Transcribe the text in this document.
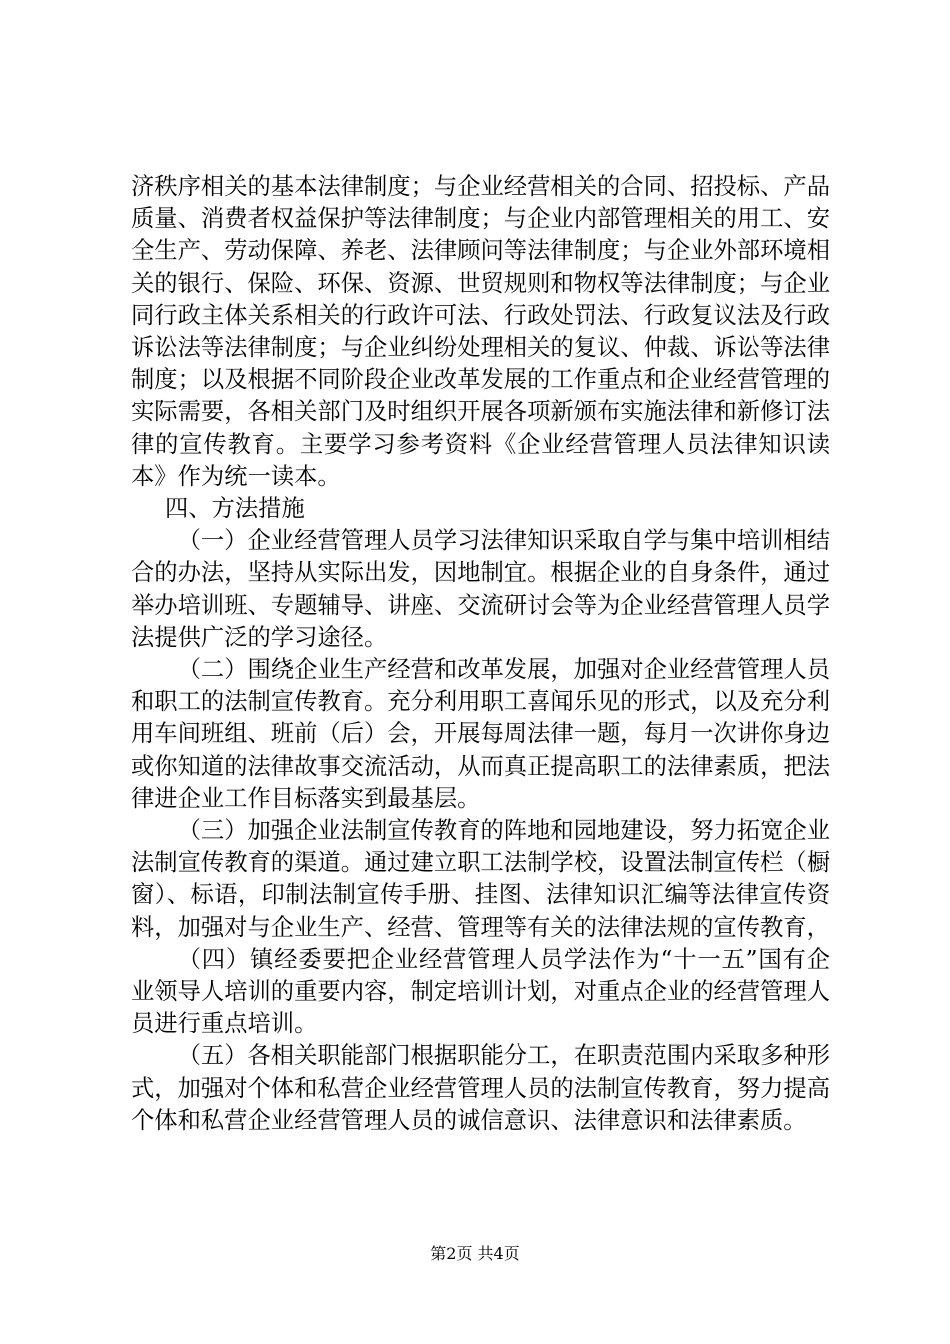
济秩序相关的基本法律制度；与企业经营相关的合同、招投标、产品质量、消费者权益保护等法律制度；与企业内部管理相关的用工、安全生产、劳动保障、养老、法律顾问等法律制度；与企业外部环境相关的银行、保险、环保、资源、世贸规则和物权等法律制度；与企业同行政主体关系相关的行政许可法、行政处罚法、行政复议法及行政诉讼法等法律制度；与企业纠纷处理相关的复议、仲裁、诉讼等法律制度；以及根据不同阶段企业改革发展的工作重点和企业经营管理的实际需要，各相关部门及时组织开展各项新颁布实施法律和新修订法律的宣传教育。主要学习参考资料《企业经营管理人员法律知识读本》作为统一读本。

四、方法措施

（一）企业经营管理人员学习法律知识采取自学与集中培训相结合的办法，坚持从实际出发，因地制宜。根据企业的自身条件，通过举办培训班、专题辅导、讲座、交流研讨会等为企业经营管理人员学法提供广泛的学习途径。

（二）围绕企业生产经营和改革发展，加强对企业经营管理人员和职工的法制宣传教育。充分利用职工喜闻乐见的形式，以及充分利用车间班组、班前（后）会，开展每周法律一题，每月一次讲你身边或你知道的法律故事交流活动，从而真正提高职工的法律素质，把法律进企业工作目标落实到最基层。

（三）加强企业法制宣传教育的阵地和园地建设，努力拓宽企业法制宣传教育的渠道。通过建立职工法制学校，设置法制宣传栏（橱窗）、标语，印制法制宣传手册、挂图、法律知识汇编等法律宣传资料，加强对与企业生产、经营、管理等有关的法律法规的宣传教育，

（四）镇经委要把企业经营管理人员学法作为“十一五”国有企业领导人培训的重要内容，制定培训计划，对重点企业的经营管理人员进行重点培训。

（五）各相关职能部门根据职能分工，在职责范围内采取多种形式，加强对个体和私营企业经营管理人员的法制宣传教育，努力提高个体和私营企业经营管理人员的诚信意识、法律意识和法律素质。

第2页 共4页
